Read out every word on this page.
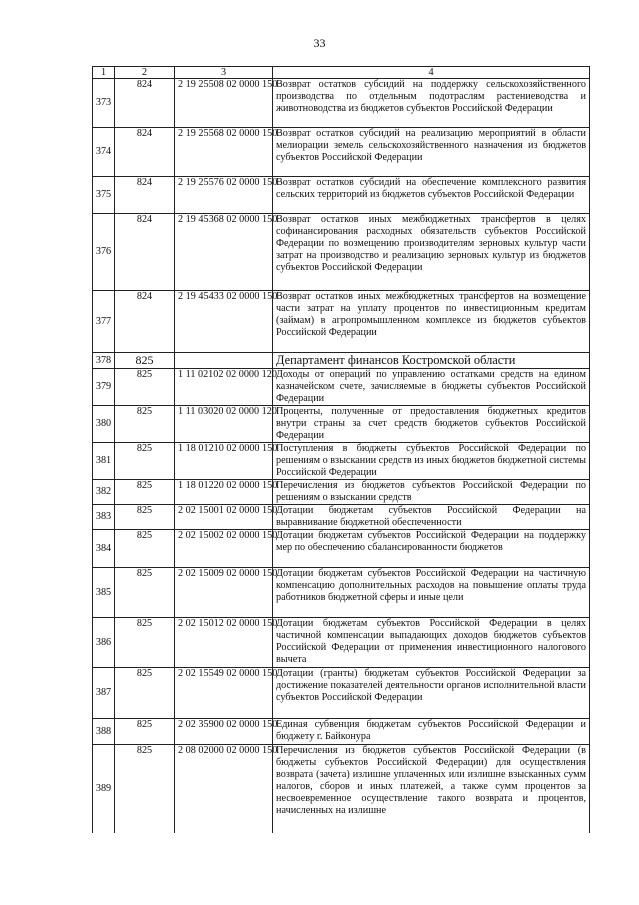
33
1	2	3	4
373	824	2 19 25508 02 0000 150	Возврат остатков субсидий на поддержку сельскохозяйственного производства по отдельным подотраслям растениеводства и животноводства из бюджетов субъектов Российской Федерации
374	824	2 19 25568 02 0000 150	Возврат остатков субсидий на реализацию мероприятий в области мелиорации земель сельскохозяйственного назначения из бюджетов субъектов Российской Федерации
375	824	2 19 25576 02 0000 150	Возврат остатков субсидий на обеспечение комплексного развития сельских территорий из бюджетов субъектов Российской Федерации
376	824	2 19 45368 02 0000 150	Возврат остатков иных межбюджетных трансфертов в целях софинансирования расходных обязательств субъектов Российской Федерации по возмещению производителям зерновых культур части затрат на производство и реализацию зерновых культур из бюджетов субъектов Российской Федерации
377	824	2 19 45433 02 0000 150	Возврат остатков иных межбюджетных трансфертов на возмещение части затрат на уплату процентов по инвестиционным кредитам (займам) в агропромышленном комплексе из бюджетов субъектов Российской Федерации
378	825		Департамент финансов Костромской области
379	825	1 11 02102 02 0000 120	Доходы от операций по управлению остатками средств на едином казначейском счете, зачисляемые в бюджеты субъектов Российской Федерации
380	825	1 11 03020 02 0000 120	Проценты, полученные от предоставления бюджетных кредитов внутри страны за счет средств бюджетов субъектов Российской Федерации
381	825	1 18 01210 02 0000 150	Поступления в бюджеты субъектов Российской Федерации по решениям о взыскании средств из иных бюджетов бюджетной системы Российской Федерации
382	825	1 18 01220 02 0000 150	Перечисления из бюджетов субъектов Российской Федерации по решениям о взыскании средств
383	825	2 02 15001 02 0000 150	Дотации бюджетам субъектов Российской Федерации на выравнивание бюджетной обеспеченности
384	825	2 02 15002 02 0000 150	Дотации бюджетам субъектов Российской Федерации на поддержку мер по обеспечению сбалансированности бюджетов
385	825	2 02 15009 02 0000 150	Дотации бюджетам субъектов Российской Федерации на частичную компенсацию дополнительных расходов на повышение оплаты труда работников бюджетной сферы и иные цели
386	825	2 02 15012 02 0000 150	Дотации бюджетам субъектов Российской Федерации в целях частичной компенсации выпадающих доходов бюджетов субъектов Российской Федерации от применения инвестиционного налогового вычета
387	825	2 02 15549 02 0000 150	Дотации (гранты) бюджетам субъектов Российской Федерации за достижение показателей деятельности органов исполнительной власти субъектов Российской Федерации
388	825	2 02 35900 02 0000 150	Единая субвенция бюджетам субъектов Российской Федерации и бюджету г. Байконура
389	825	2 08 02000 02 0000 150	Перечисления из бюджетов субъектов Российской Федерации (в бюджеты субъектов Российской Федерации) для осуществления возврата (зачета) излишне уплаченных или излишне взысканных сумм налогов, сборов и иных платежей, а также сумм процентов за несвоевременное осуществление такого возврата и процентов, начисленных на излишне
